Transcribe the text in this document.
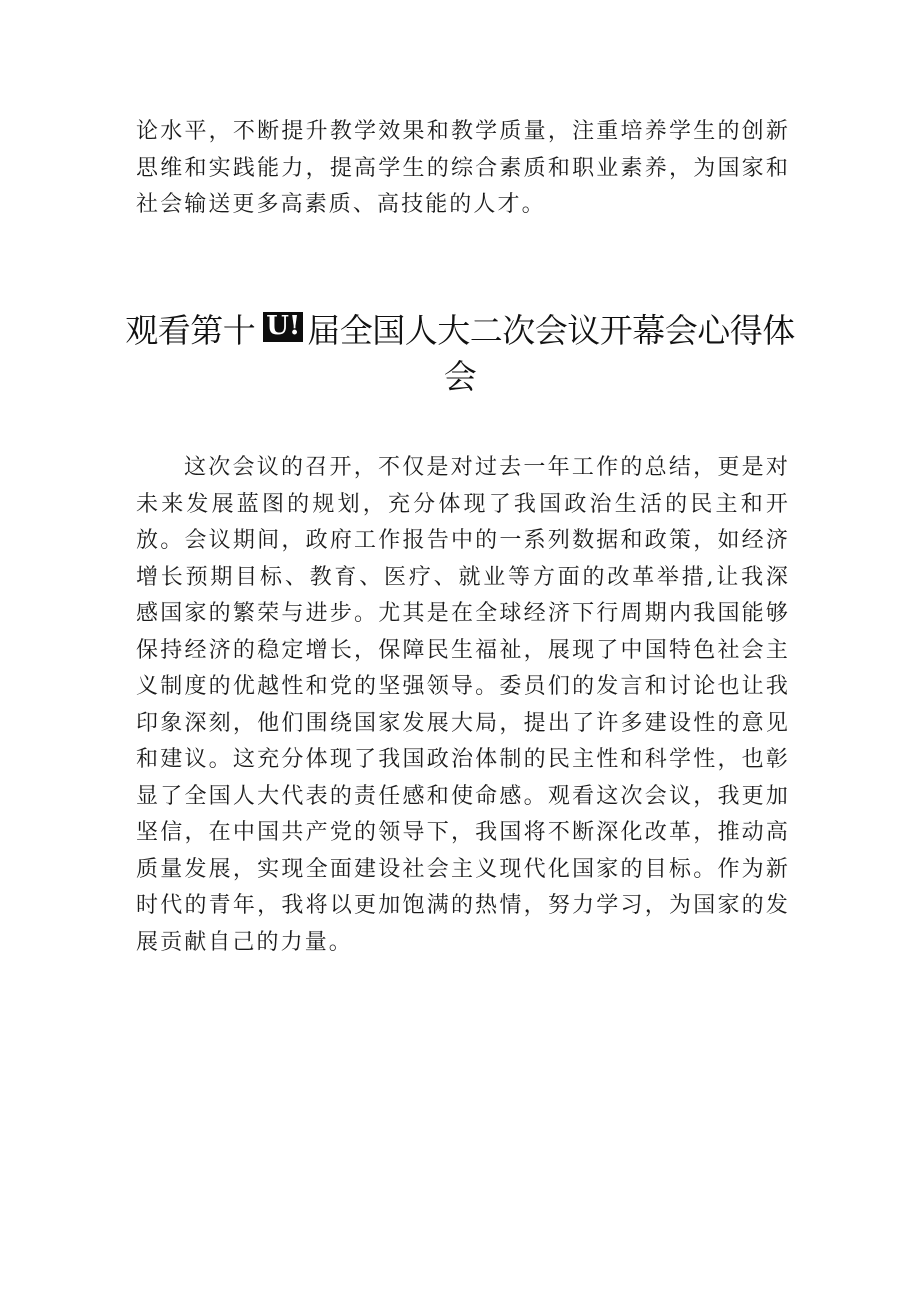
论水平，不断提升教学效果和教学质量，注重培养学生的创新思维和实践能力，提高学生的综合素质和职业素养，为国家和社会输送更多高素质、高技能的人才。

观看第十 U! 届全国人大二次会议开幕会心得体会

这次会议的召开，不仅是对过去一年工作的总结，更是对未来发展蓝图的规划，充分体现了我国政治生活的民主和开放。会议期间，政府工作报告中的一系列数据和政策，如经济增长预期目标、教育、医疗、就业等方面的改革举措,让我深感国家的繁荣与进步。尤其是在全球经济下行周期内我国能够保持经济的稳定增长，保障民生福祉，展现了中国特色社会主义制度的优越性和党的坚强领导。委员们的发言和讨论也让我印象深刻，他们围绕国家发展大局，提出了许多建设性的意见和建议。这充分体现了我国政治体制的民主性和科学性，也彰显了全国人大代表的责任感和使命感。观看这次会议，我更加坚信，在中国共产党的领导下，我国将不断深化改革，推动高质量发展，实现全面建设社会主义现代化国家的目标。作为新时代的青年，我将以更加饱满的热情，努力学习，为国家的发展贡献自己的力量。
